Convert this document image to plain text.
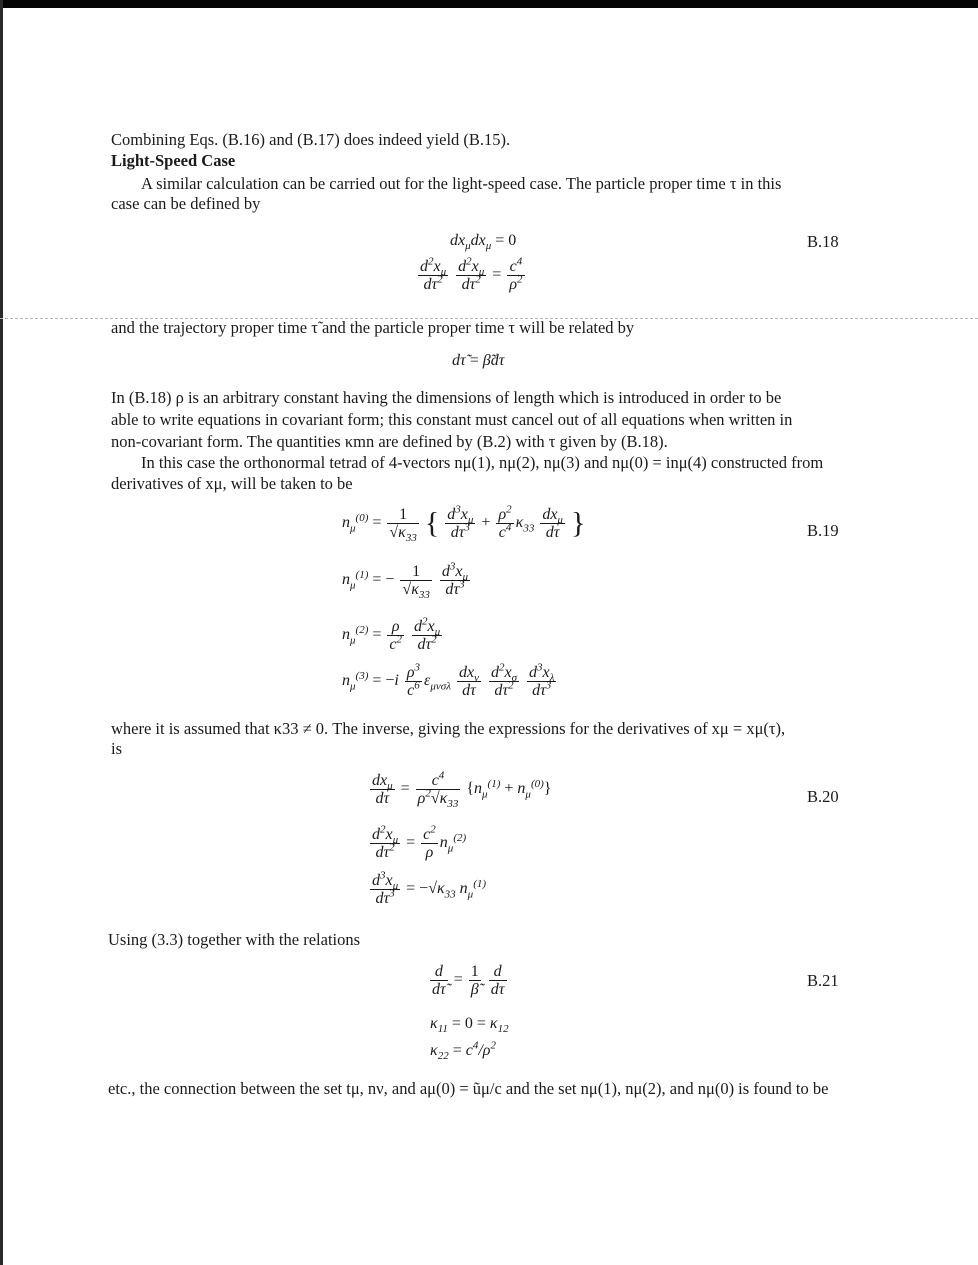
Combining Eqs. (B.16) and (B.17) does indeed yield (B.15).
Light-Speed Case
A similar calculation can be carried out for the light-speed case. The particle proper time τ in this
case can be defined by
$dx_\mu dx_\mu = 0$
$\frac{d^2x_\mu}{d\tau^2}$
$\frac{d^2x_\mu}{d\tau^2} = \frac{c^4}{\rho^2}$
B.18
and the trajectory proper time τ̃ and the particle proper time τ will be related by
dτ̃ = β̃dτ
In (B.18) ρ is an arbitrary constant having the dimensions of length which is introduced in order to be
able to write equations in covariant form; this constant must cancel out of all equations when written in
non-covariant form. The quantities κmn are defined by (B.2) with τ given by (B.18).
In this case the orthonormal tetrad of 4-vectors nμ(1), nμ(2), nμ(3) and nμ(0) = inμ(4) constructed from
derivatives of xμ, will be taken to be
$n_\mu^{(0)} = \frac{1}{√\kappa_{33}}$ { $\frac{d^3x_\mu}{d\tau^3} + \frac{\rho^2}{c^4} \kappa_{33} \frac{dx_\mu}{d\tau}$ }	B.19
$n_\mu^{(1)}$ = − $\frac{1}{√\kappa_{33}}$
$\frac{d^3x_\mu}{d\tau^3}$
$n_\mu^{(2)} = \frac{\rho}{c^2}$
$\frac{d^2x_\mu}{d\tau^2}$
$n_\mu^{(3)} = -i \frac{\rho^3}{c^6} \varepsilon_{\mu\nu\sigma\lambda} \frac{dx_\nu}{d\tau}$
$\frac{d^2x_\sigma}{d\tau^2}$
$\frac{d^3x_\lambda}{d\tau^3}$
where it is assumed that κ33 ≠ 0. The inverse, giving the expressions for the derivatives of xμ = xμ(τ),
is
$\frac{dx_\mu}{d\tau} = \frac{c^4}{\rho^2√\kappa_{33}} \{n_\mu^{(1)} + n_\mu^{(0)}\}$	B.20
$\frac{d^2x_\mu}{d\tau^2} = \frac{c^2}{\rho} n_\mu^{(2)}$
$\frac{d^3x_\mu}{d\tau^3} = -√\kappa_{33}$ $n_\mu^{(1)}$
Using (3.3) together with the relations
$\frac{d}{d\taũ} = \frac{1}{\betã}$
$\frac{d}{d\tau}$	B.21
$\kappa_{11} = 0 = \kappa_{12}$
$\kappa_{22} = c^4/\rho^2$
etc., the connection between the set tμ, nν, and aμ(0) = ũμ/c and the set nμ(1), nμ(2), and nμ(0) is found to be
